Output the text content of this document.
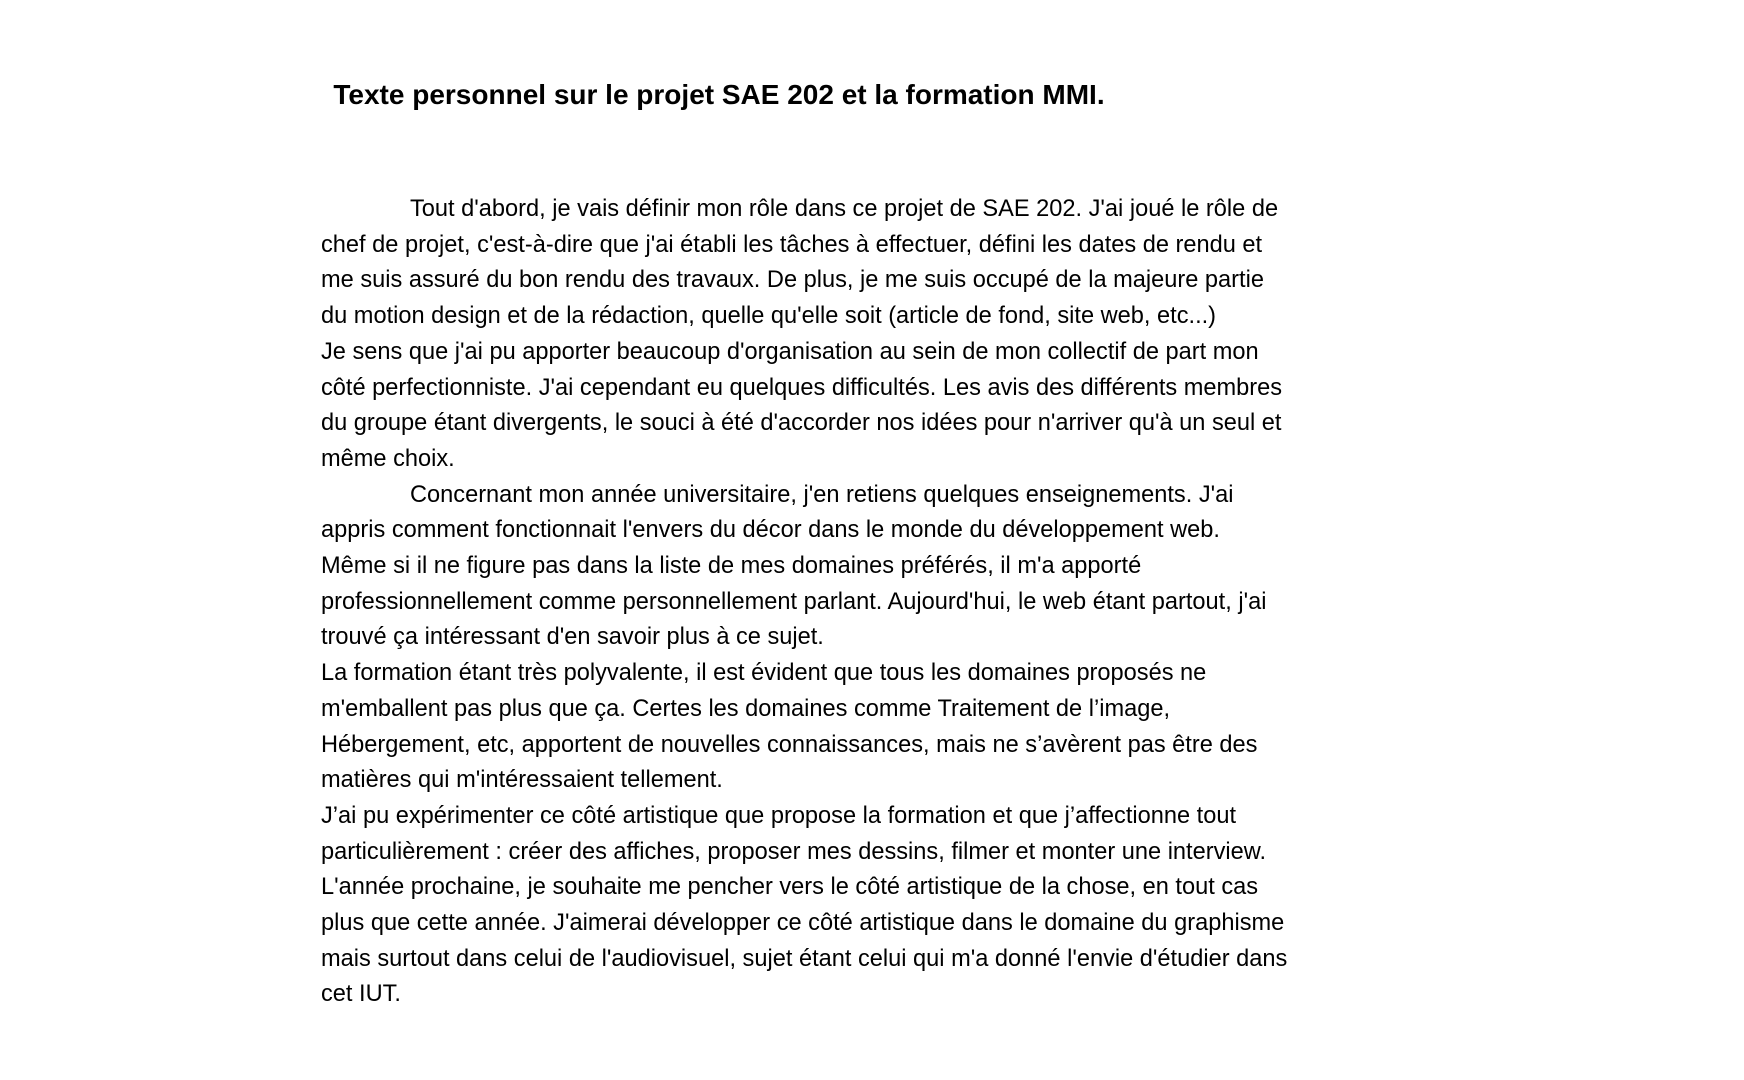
Texte personnel sur le projet SAE 202 et la formation MMI.

Tout d'abord, je vais définir mon rôle dans ce projet de SAE 202. J'ai joué le rôle de
chef de projet, c'est-à-dire que j'ai établi les tâches à effectuer, défini les dates de rendu et
me suis assuré du bon rendu des travaux. De plus, je me suis occupé de la majeure partie
du motion design et de la rédaction, quelle qu'elle soit (article de fond, site web, etc...)

Je sens que j'ai pu apporter beaucoup d'organisation au sein de mon collectif de part mon
côté perfectionniste. J'ai cependant eu quelques difficultés. Les avis des différents membres
du groupe étant divergents, le souci à été d'accorder nos idées pour n'arriver qu'à un seul et
même choix.

Concernant mon année universitaire, j'en retiens quelques enseignements. J'ai
appris comment fonctionnait l'envers du décor dans le monde du développement web.
Même si il ne figure pas dans la liste de mes domaines préférés, il m'a apporté
professionnellement comme personnellement parlant. Aujourd'hui, le web étant partout, j'ai
trouvé ça intéressant d'en savoir plus à ce sujet.

La formation étant très polyvalente, il est évident que tous les domaines proposés ne
m'emballent pas plus que ça. Certes les domaines comme Traitement de l’image,
Hébergement, etc, apportent de nouvelles connaissances, mais ne s’avèrent pas être des
matières qui m'intéressaient tellement.

J’ai pu expérimenter ce côté artistique que propose la formation et que j’affectionne tout
particulièrement : créer des affiches, proposer mes dessins, filmer et monter une interview.

L'année prochaine, je souhaite me pencher vers le côté artistique de la chose, en tout cas
plus que cette année. J'aimerai développer ce côté artistique dans le domaine du graphisme
mais surtout dans celui de l'audiovisuel, sujet étant celui qui m'a donné l'envie d'étudier dans
cet IUT.
